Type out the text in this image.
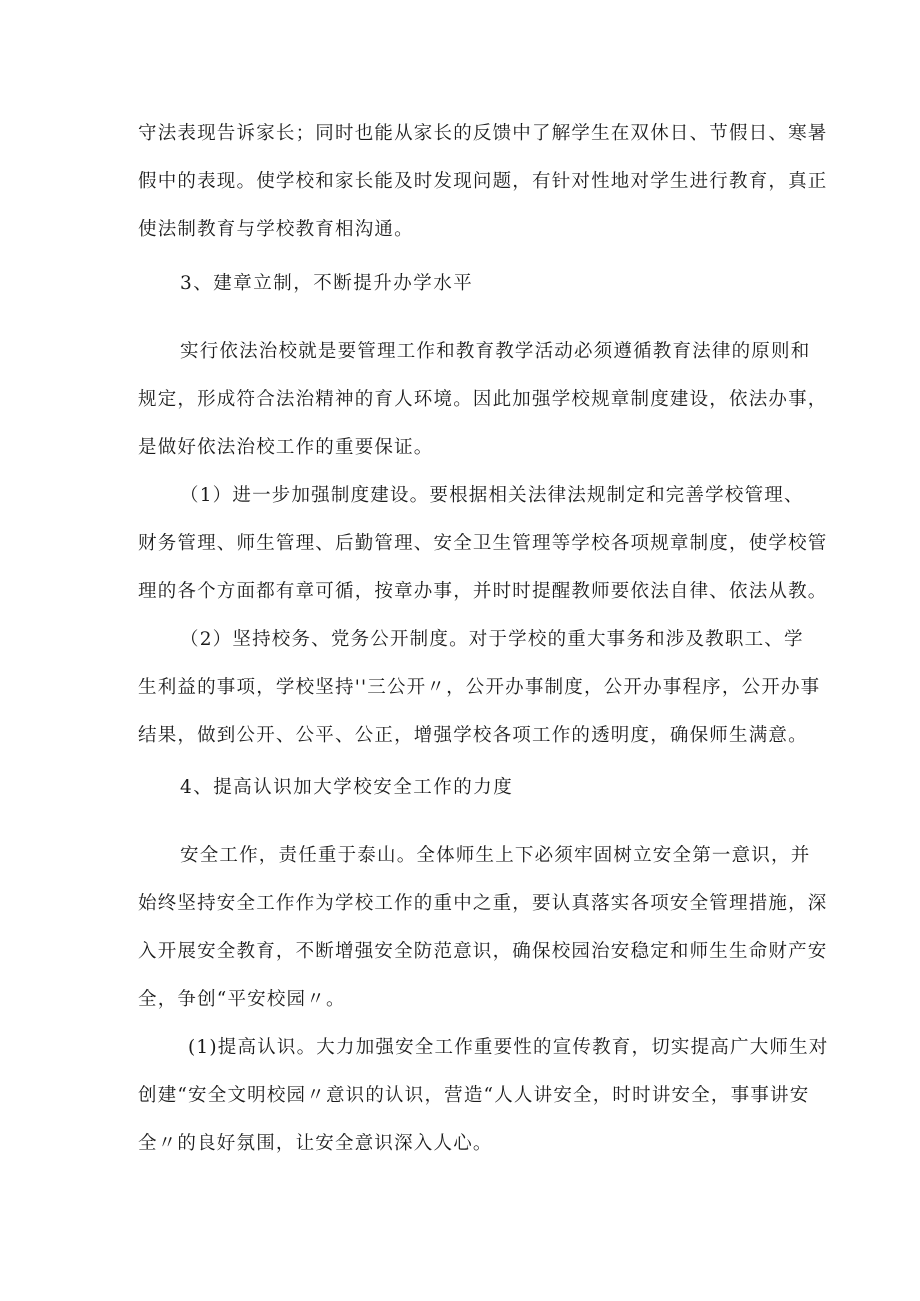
守法表现告诉家长；同时也能从家长的反馈中了解学生在双休日、节假日、寒暑
假中的表现。使学校和家长能及时发现问题，有针对性地对学生进行教育，真正
使法制教育与学校教育相沟通。
3、建章立制，不断提升办学水平
实行依法治校就是要管理工作和教育教学活动必须遵循教育法律的原则和
规定，形成符合法治精神的育人环境。因此加强学校规章制度建设，依法办事，
是做好依法治校工作的重要保证。
（1）进一步加强制度建设。要根据相关法律法规制定和完善学校管理、
财务管理、师生管理、后勤管理、安全卫生管理等学校各项规章制度，使学校管
理的各个方面都有章可循，按章办事，并时时提醒教师要依法自律、依法从教。
（2）坚持校务、党务公开制度。对于学校的重大事务和涉及教职工、学
生利益的事项，学校坚持''三公开〃，公开办事制度，公开办事程序，公开办事
结果，做到公开、公平、公正，增强学校各项工作的透明度，确保师生满意。
4、提高认识加大学校安全工作的力度
安全工作，责任重于泰山。全体师生上下必须牢固树立安全第一意识，并
始终坚持安全工作作为学校工作的重中之重，要认真落实各项安全管理措施，深
入开展安全教育，不断增强安全防范意识，确保校园治安稳定和师生生命财产安
全，争创“平安校园〃。
(1)提高认识。大力加强安全工作重要性的宣传教育，切实提高广大师生对
创建“安全文明校园〃意识的认识，营造“人人讲安全，时时讲安全，事事讲安
全〃的良好氛围，让安全意识深入人心。
